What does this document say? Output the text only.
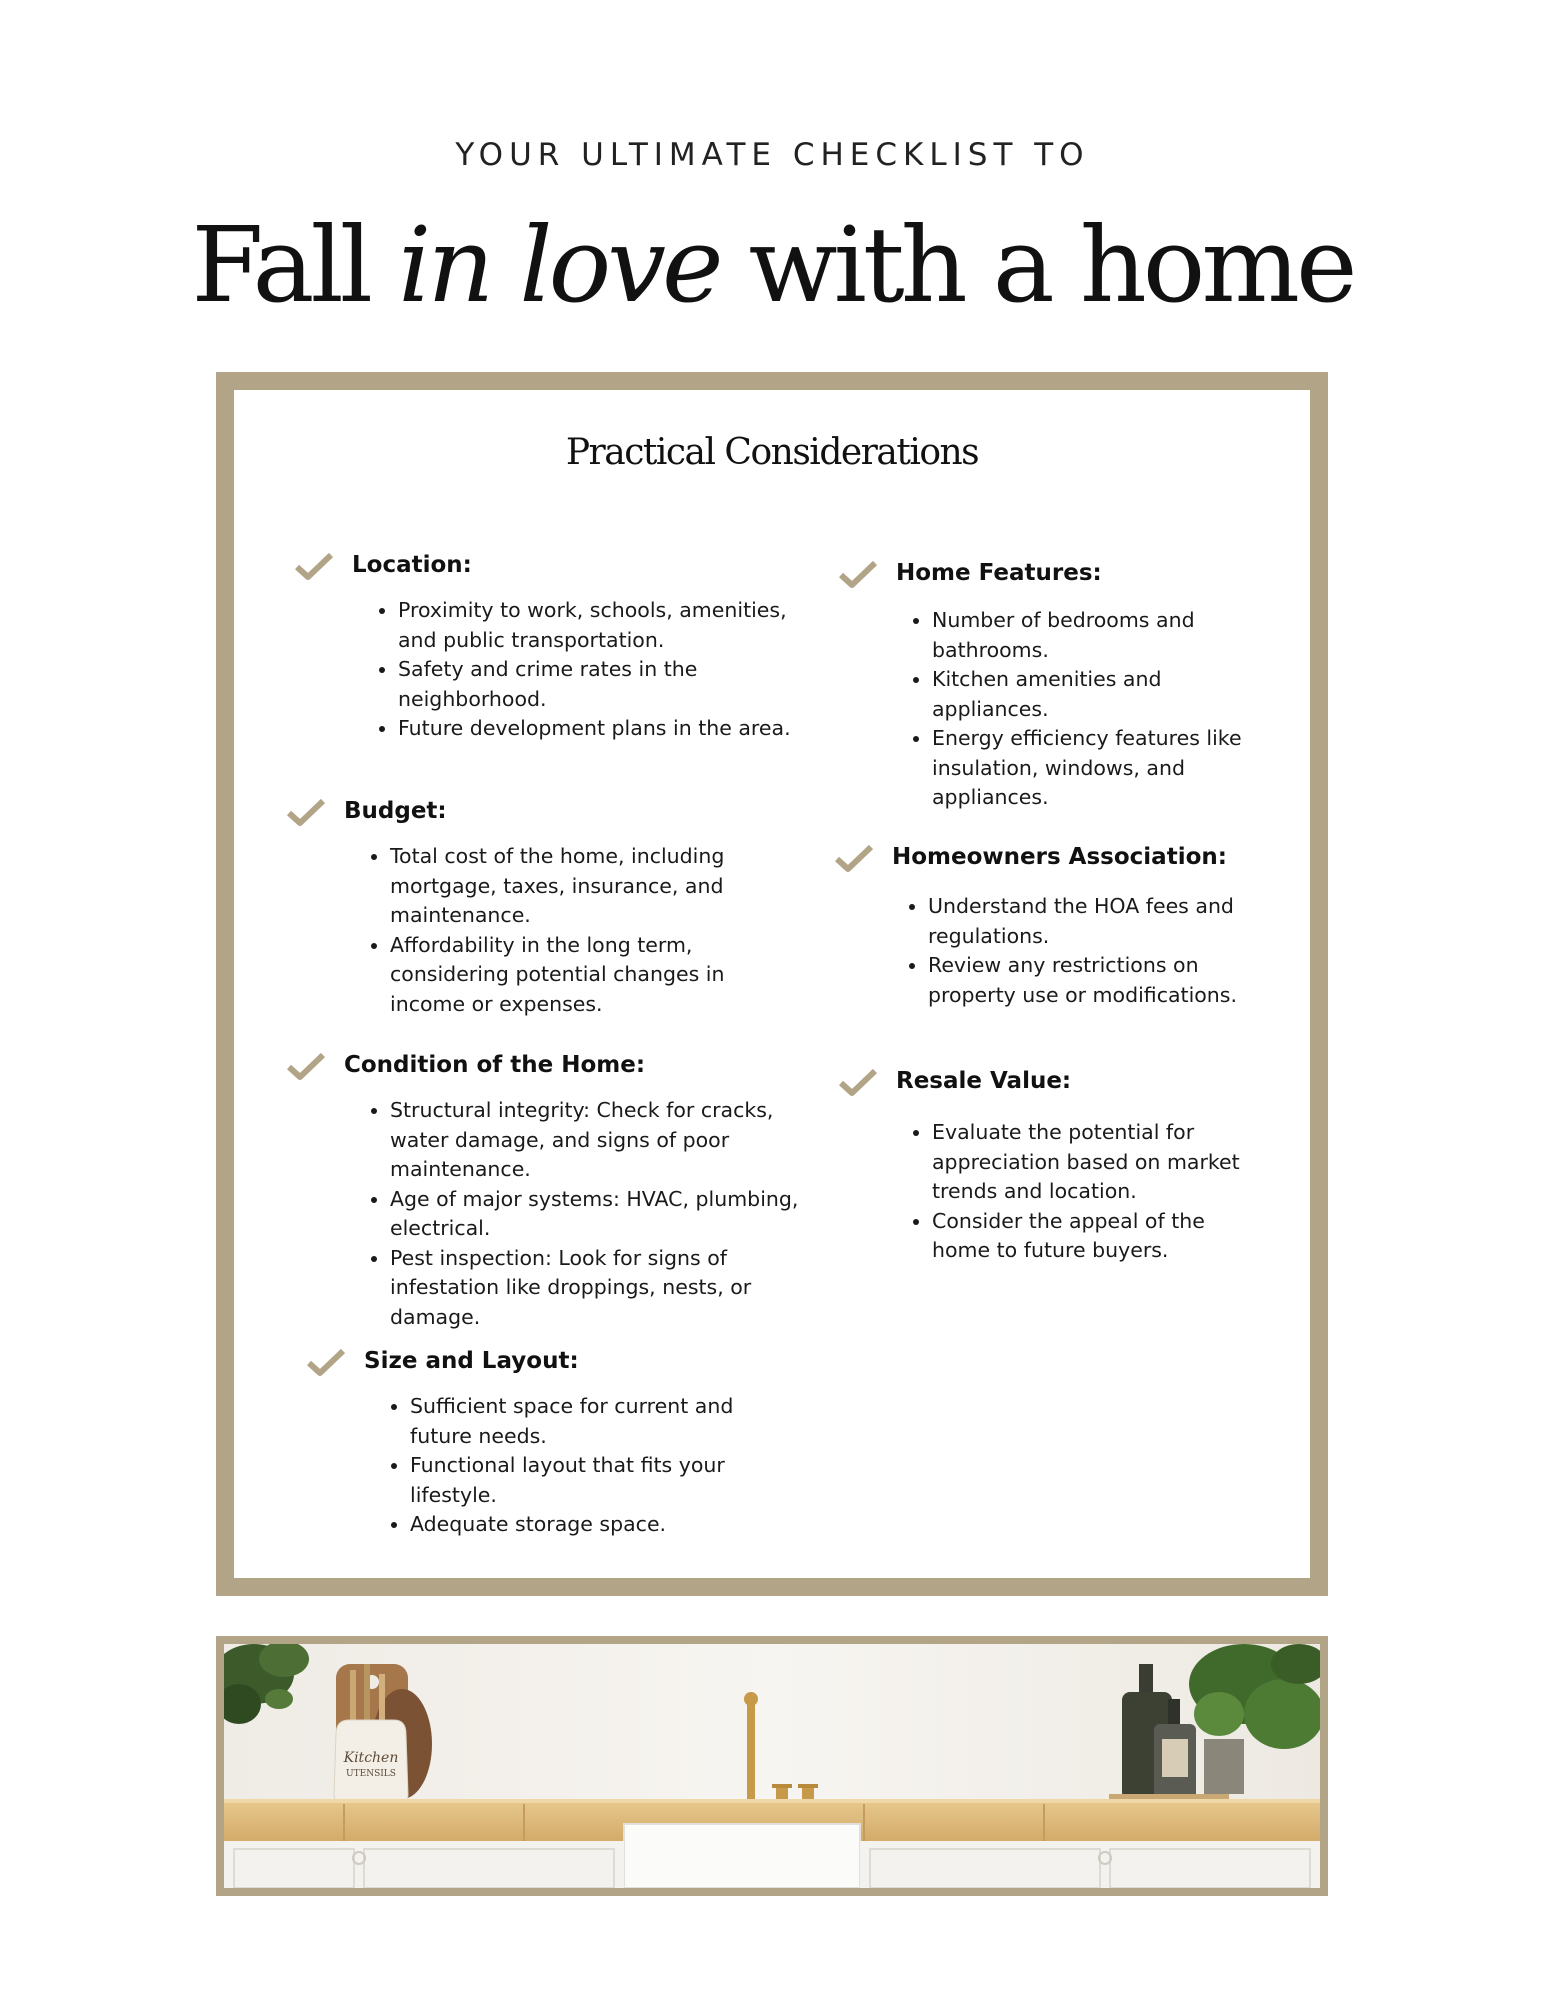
YOUR ULTIMATE CHECKLIST TO
Fall in love with a home
Practical Considerations
Location:
• Proximity to work, schools, amenities, and public transportation.
• Safety and crime rates in the neighborhood.
• Future development plans in the area.
Budget:
• Total cost of the home, including mortgage, taxes, insurance, and maintenance.
• Affordability in the long term, considering potential changes in income or expenses.
Condition of the Home:
• Structural integrity: Check for cracks, water damage, and signs of poor maintenance.
• Age of major systems: HVAC, plumbing, electrical.
• Pest inspection: Look for signs of infestation like droppings, nests, or damage.
Size and Layout:
• Sufficient space for current and future needs.
• Functional layout that fits your lifestyle.
• Adequate storage space.
Home Features:
• Number of bedrooms and bathrooms.
• Kitchen amenities and appliances.
• Energy efficiency features like insulation, windows, and appliances.
Homeowners Association:
• Understand the HOA fees and regulations.
• Review any restrictions on property use or modifications.
Resale Value:
• Evaluate the potential for appreciation based on market trends and location.
• Consider the appeal of the home to future buyers.
Kitchen
UTENSILS
